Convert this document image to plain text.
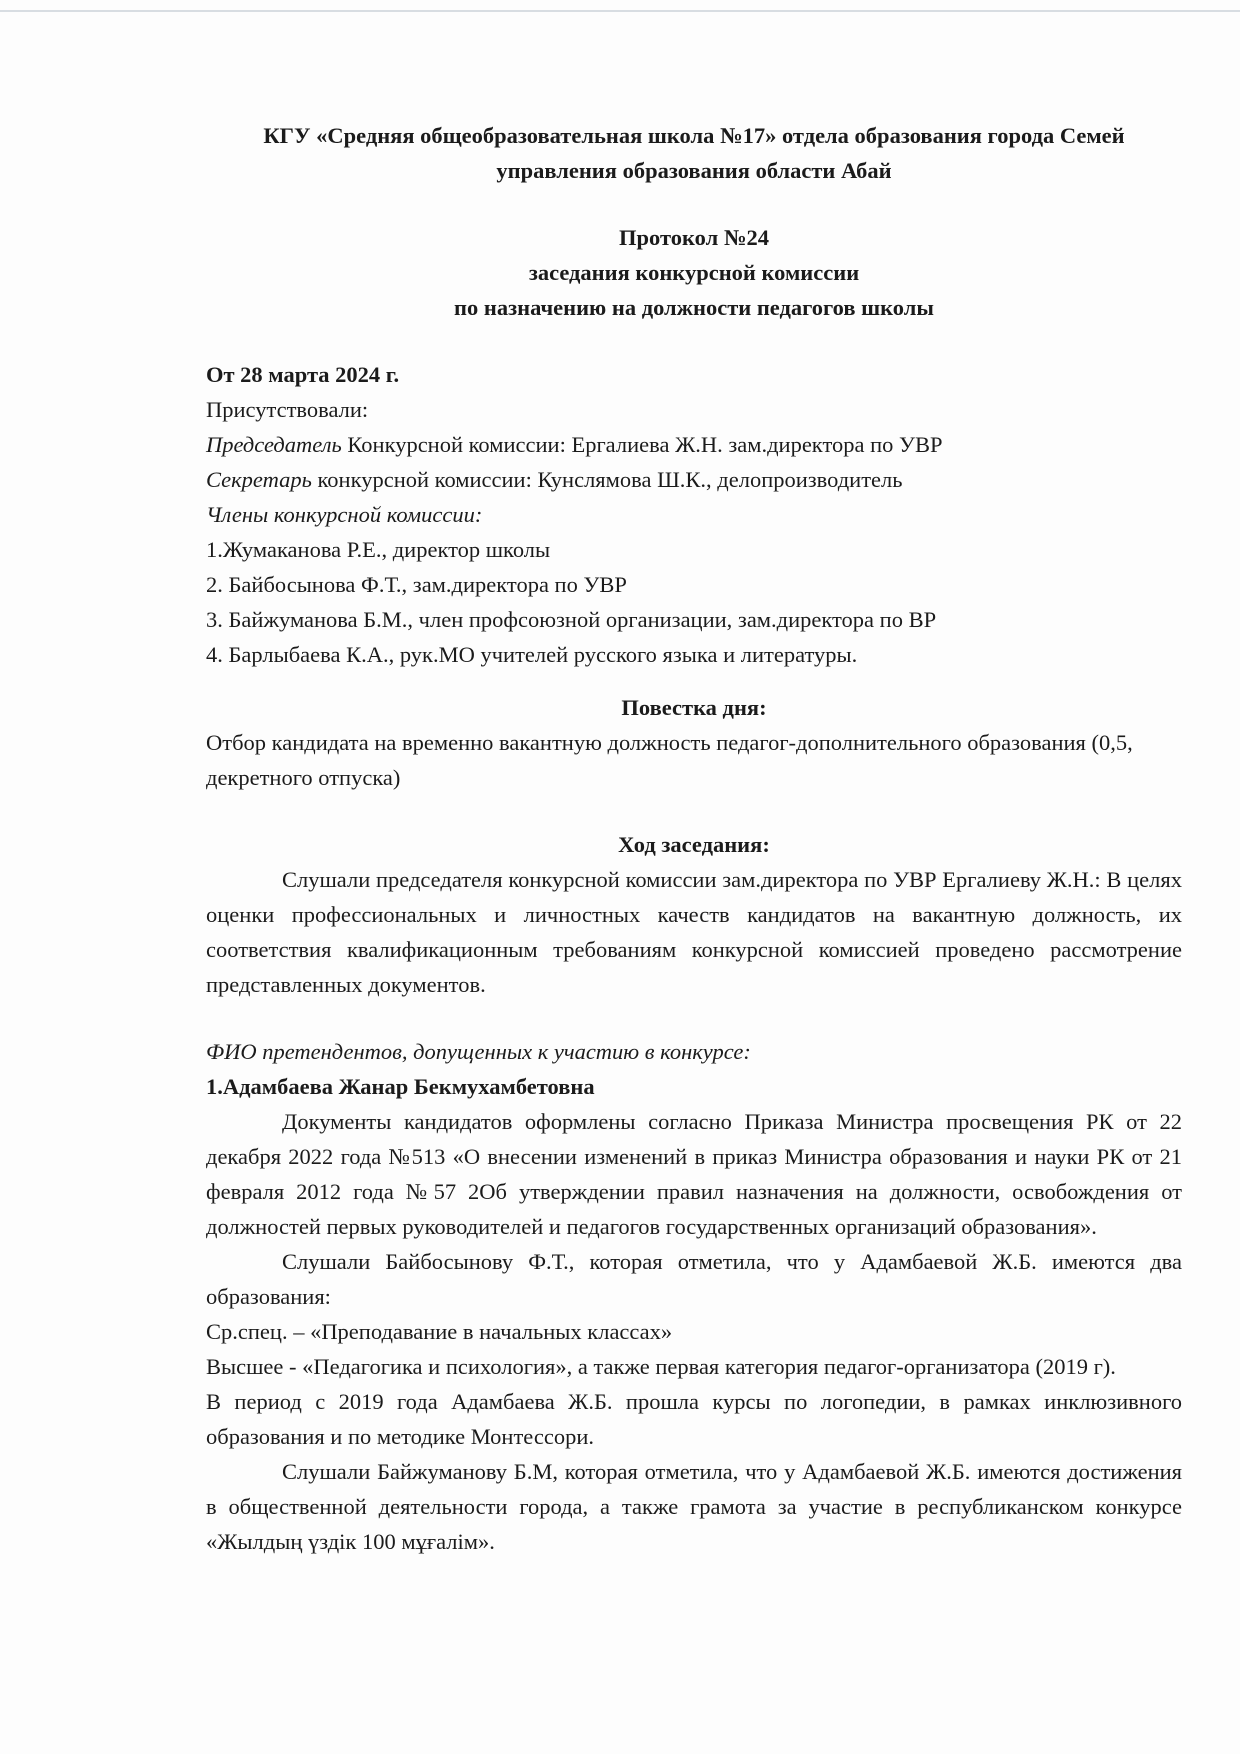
КГУ «Средняя общеобразовательная школа №17» отдела образования города Семей

управления образования области Абай

Протокол №24

заседания конкурсной комиссии

по назначению на должности педагогов школы

От 28 марта 2024 г.

Присутствовали:

Председатель Конкурсной комиссии: Ергалиева Ж.Н. зам.директора по УВР

Секретарь конкурсной комиссии: Кунслямова Ш.К., делопроизводитель

Члены конкурсной комиссии:

1.Жумаканова Р.Е., директор школы

2. Байбосынова Ф.Т., зам.директора по УВР

3. Байжуманова Б.М., член профсоюзной организации, зам.директора по ВР

4. Барлыбаева К.А., рук.МО учителей русского языка и литературы.

Повестка дня:

Отбор кандидата на временно вакантную должность педагог-дополнительного образования (0,5, декретного отпуска)

Ход заседания:

Слушали председателя конкурсной комиссии зам.директора по УВР Ергалиеву Ж.Н.: В целях оценки профессиональных и личностных качеств кандидатов на вакантную должность, их соответствия квалификационным требованиям конкурсной комиссией проведено рассмотрение представленных документов.

ФИО претендентов, допущенных к участию в конкурсе:

1.Адамбаева Жанар Бекмухамбетовна

Документы кандидатов оформлены согласно Приказа Министра просвещения РК от 22 декабря 2022 года №513 «О внесении изменений в приказ Министра образования и науки РК от 21 февраля 2012 года №57 2Об утверждении правил назначения на должности, освобождения от должностей первых руководителей и педагогов государственных организаций образования».

Слушали Байбосынову Ф.Т., которая отметила, что у Адамбаевой Ж.Б. имеются два образования:

Ср.спец. – «Преподавание в начальных классах»

Высшее - «Педагогика и психология», а также первая категория педагог-организатора (2019 г).

В период с 2019 года Адамбаева Ж.Б. прошла курсы по логопедии, в рамках инклюзивного образования и по методике Монтессори.

Слушали Байжуманову Б.М, которая отметила, что у Адамбаевой Ж.Б. имеются достижения в общественной деятельности города, а также грамота за участие в республиканском конкурсе «Жылдың үздік 100 мұғалім».
